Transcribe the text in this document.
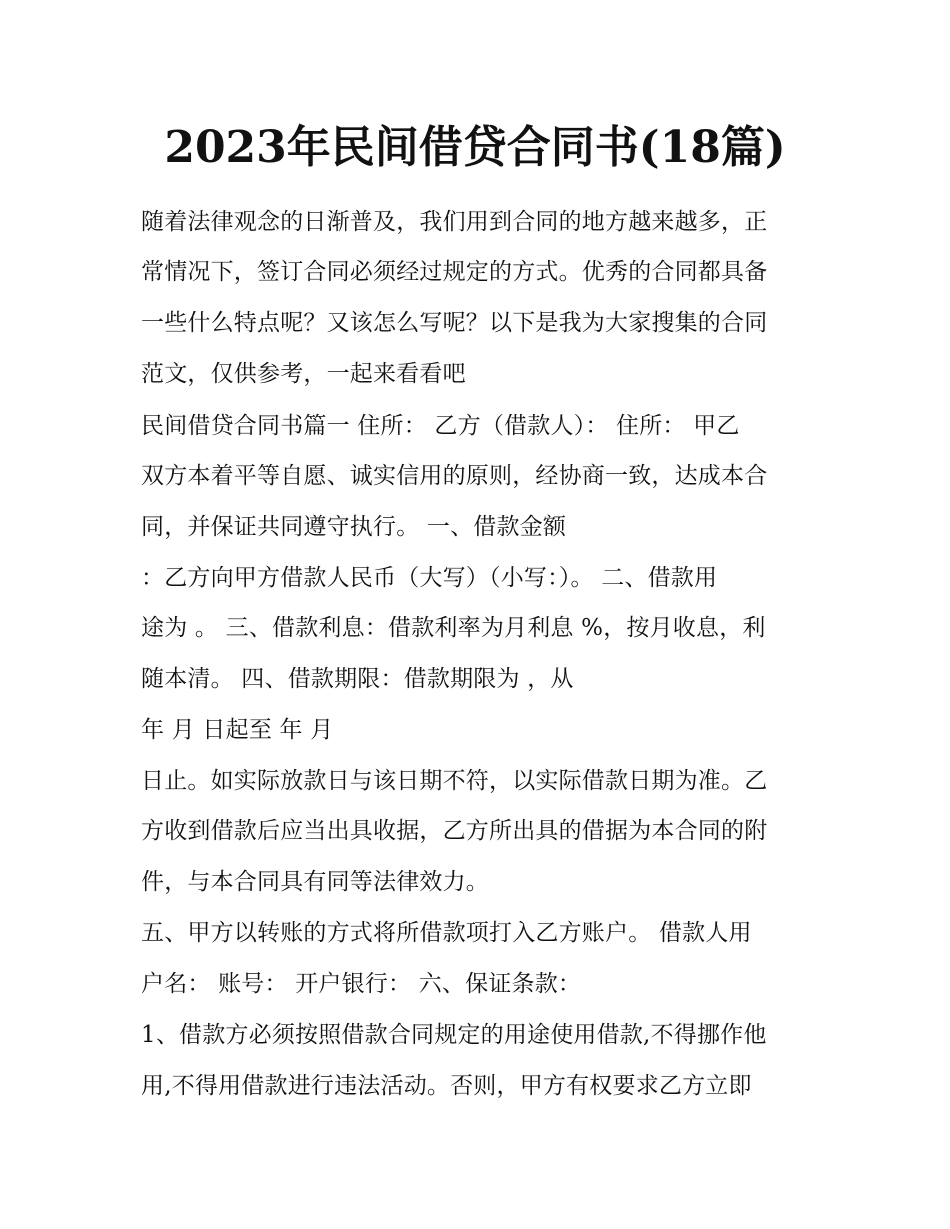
2023年民间借贷合同书(18篇)
随着法律观念的日渐普及，我们用到合同的地方越来越多，正
常情况下，签订合同必须经过规定的方式。优秀的合同都具备
一些什么特点呢？又该怎么写呢？以下是我为大家搜集的合同
范文，仅供参考，一起来看看吧
民间借贷合同书篇一 住所： 乙方（借款人）： 住所： 甲乙
双方本着平等自愿、诚实信用的原则，经协商一致，达成本合
同，并保证共同遵守执行。 一、借款金额
：乙方向甲方借款人民币（大写）（小写：）。 二、借款用
途为 。 三、借款利息：借款利率为月利息 %，按月收息，利
随本清。 四、借款期限：借款期限为 ，从
年 月 日起至 年 月
日止。如实际放款日与该日期不符，以实际借款日期为准。乙
方收到借款后应当出具收据，乙方所出具的借据为本合同的附
件，与本合同具有同等法律效力。
五、甲方以转账的方式将所借款项打入乙方账户。 借款人用
户名： 账号： 开户银行： 六、保证条款：
1、借款方必须按照借款合同规定的用途使用借款,不得挪作他
用,不得用借款进行违法活动。否则，甲方有权要求乙方立即
